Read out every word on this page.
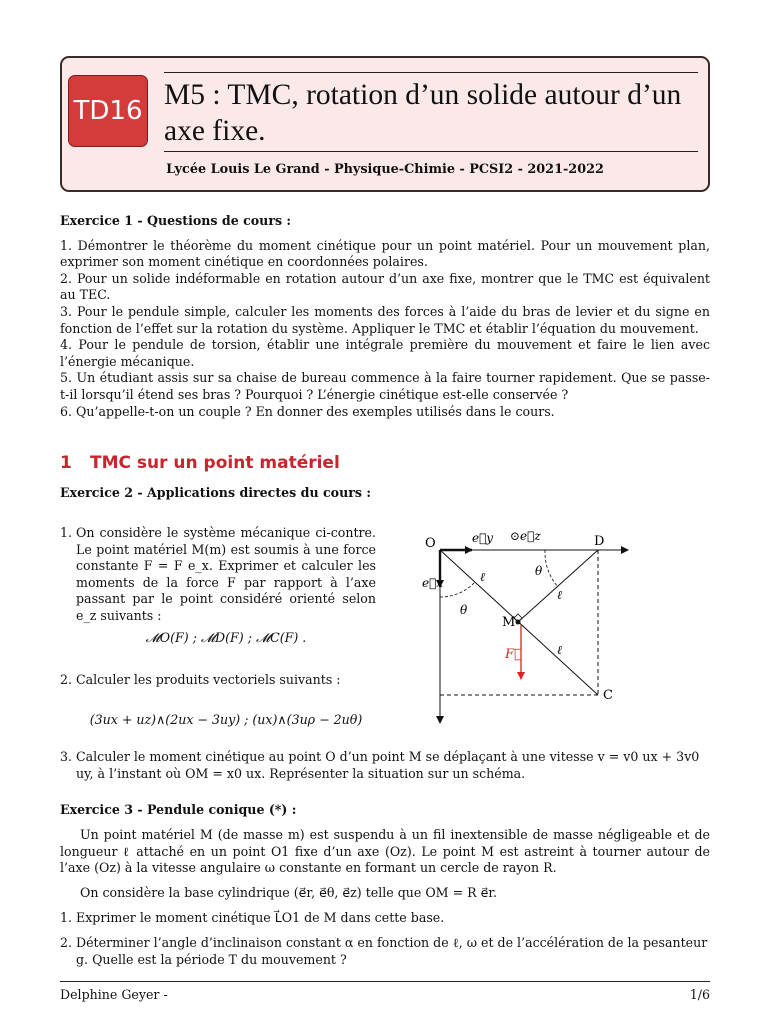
TD16 M5 : TMC, rotation d’un solide autour d’un axe fixe.
Lycée Louis Le Grand - Physique-Chimie - PCSI2 - 2021-2022

Exercice 1 - Questions de cours :

1. Démontrer le théorème du moment cinétique pour un point matériel. Pour un mouvement plan, exprimer son moment cinétique en coordonnées polaires.

2. Pour un solide indéformable en rotation autour d’un axe fixe, montrer que le TMC est équivalent au TEC.

3. Pour le pendule simple, calculer les moments des forces à l’aide du bras de levier et du signe en fonction de l’effet sur la rotation du système. Appliquer le TMC et établir l’équation du mouvement.

4. Pour le pendule de torsion, établir une intégrale première du mouvement et faire le lien avec l’énergie mécanique.

5. Un étudiant assis sur sa chaise de bureau commence à la faire tourner rapidement. Que se passe-t-il lorsqu’il étend ses bras ? Pourquoi ? L’énergie cinétique est-elle conservée ?

6. Qu’appelle-t-on un couple ? En donner des exemples utilisés dans le cours.

1 TMC sur un point matériel
Exercice 2 - Applications directes du cours :
1. On considère le système mécanique ci-contre. Le point matériel M(m) est soumis à une force constante F = F e_x. Exprimer et calculer les moments de la force F par rapport à l’axe passant par le point considéré orienté selon e_z suivants :
𝓜O(F) ; 𝓜D(F) ; 𝓜C(F) .
2. Calculer les produits vectoriels suivants :
(3ux + uz)∧(2ux − 3uy) ; (ux)∧(3uρ − 2uθ)
3. Calculer le moment cinétique au point O d’un point M se déplaçant à une vitesse v = v0 ux + 3v0 uy, à l’instant où OM = x0 ux. Représenter la situation sur un schéma.
O	D
C
M
e⃗y ⊙e⃗z
e⃗x
F⃗
θ
θ
ℓ
ℓ
ℓ
Exercice 3 - Pendule conique (*) :
Un point matériel M (de masse m) est suspendu à un fil inextensible de masse négligeable et de longueur ℓ attaché en un point O1 fixe d’un axe (Oz). Le point M est astreint à tourner autour de l’axe (Oz) à la vitesse angulaire ω constante en formant un cercle de rayon R.
On considère la base cylindrique (e⃗r, e⃗θ, e⃗z) telle que OM = R e⃗r.
1. Exprimer le moment cinétique L⃗O1 de M dans cette base.
2. Déterminer l’angle d’inclinaison constant α en fonction de ℓ, ω et de l’accélération de la pesanteur g. Quelle est la période T du mouvement ?
Delphine Geyer -	1/6
